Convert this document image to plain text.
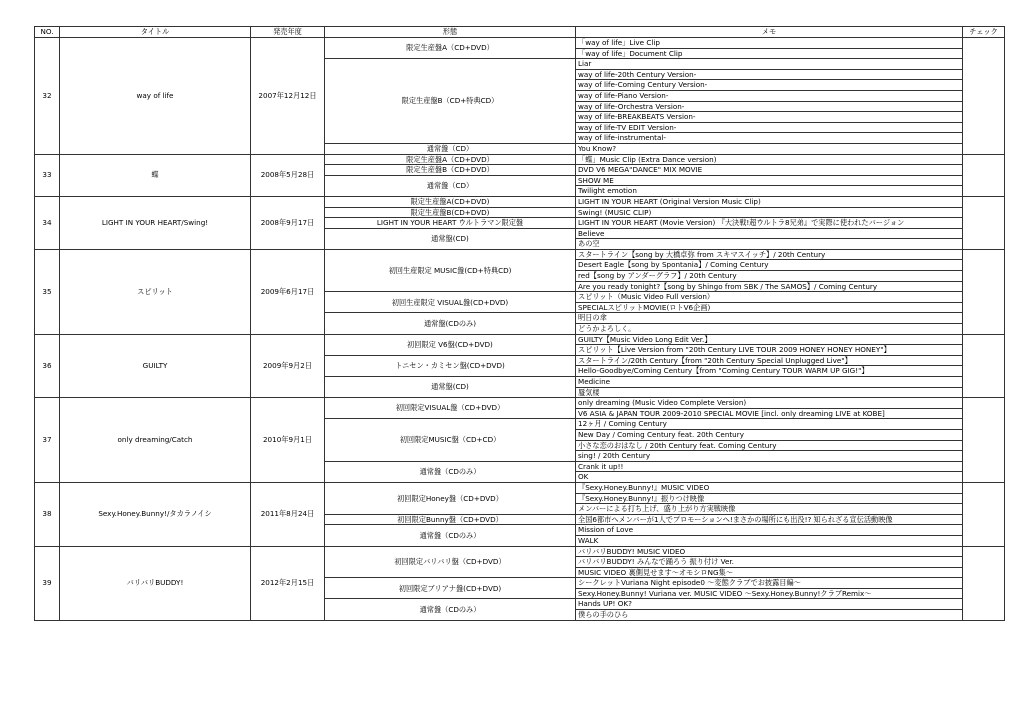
NO.	タイトル	発売年度	形態	メモ	チェック
32	way of life	2007年12月12日	限定生産盤A（CD+DVD）	「way of life」Live Clip	
				「way of life」Document Clip	
			限定生産盤B（CD+特典CD）	Liar	
				way of life-20th Century Version-	
				way of life-Coming Century Version-	
				way of life-Piano Version-	
				way of life-Orchestra Version-	
				way of life-BREAKBEATS Version-	
				way of life-TV EDIT Version-	
				way of life-instrumental-	
			通常盤（CD）	You Know?	
33	蝶	2008年5月28日	限定生産盤A（CD+DVD）	「蝶」Music Clip (Extra Dance version)	
			限定生産盤B（CD+DVD）	DVD V6 MEGA"DANCE" MIX MOVIE	
			通常盤（CD）	SHOW ME	
				Twilight emotion	
34	LIGHT IN YOUR HEART/Swing!	2008年9月17日	限定生産盤A(CD+DVD)	LIGHT IN YOUR HEART (Original Version Music Clip)	
			限定生産盤B(CD+DVD)	Swing! (MUSIC CLIP)	
			LIGHT IN YOUR HEART ウルトラマン限定盤	LIGHT IN YOUR HEART (Movie Version) 『大決戦!超ウルトラ8兄弟』で実際に使われたバージョン	
			通常盤(CD)	Believe	
				あの空	
35	スピリット	2009年6月17日	初回生産限定 MUSIC盤(CD+特典CD)	スタートライン【song by 大橋卓弥 from スキマスイッチ】/ 20th Century	
				Desert Eagle【song by Spontania】/ Coming Century	
				red【song by アンダーグラフ】/ 20th Century	
				Are you ready tonight?【song by Shingo from SBK / The SAMOS】/ Coming Century	
			初回生産限定 VISUAL盤(CD+DVD)	スピリット（Music Video Full version）	
				SPECIALスピリットMOVIE(ロトV6企画)	
			通常盤(CDのみ)	明日の傘	
				どうかよろしく。	
36	GUILTY	2009年9月2日	初回限定 V6盤(CD+DVD)	GUILTY【Music Video Long Edit Ver.】	
				スピリット【Live Version from "20th Century LIVE TOUR 2009 HONEY HONEY HONEY"】	
			トニセン・カミセン盤(CD+DVD)	スタートライン/20th Century【from "20th Century Special Unplugged Live"】	
				Hello-Goodbye/Coming Century【from "Coming Century TOUR WARM UP GIG!"】	
			通常盤(CD)	Medicine	
				蜃気楼	
37	only dreaming/Catch	2010年9月1日	初回限定VISUAL盤（CD+DVD）	only dreaming (Music Video Complete Version)	
				V6 ASIA & JAPAN TOUR 2009-2010 SPECIAL MOVIE [incl. only dreaming LIVE at KOBE]	
			初回限定MUSIC盤（CD+CD）	12ヶ月 / Coming Century	
				New Day / Coming Century feat. 20th Century	
				小さな恋のおはなし / 20th Century feat. Coming Century	
				sing! / 20th Century	
			通常盤（CDのみ）	Crank it up!!	
				OK	
38	Sexy.Honey.Bunny!/タカラノイシ	2011年8月24日	初回限定Honey盤（CD+DVD）	『Sexy.Honey.Bunny!』MUSIC VIDEO	
				『Sexy.Honey.Bunny!』振りつけ映像	
				メンバーによる打ち上げ、盛り上がり方実戦映像	
			初回限定Bunny盤（CD+DVD）	全国6都市へメンバーが1人でプロモーションへ!まさかの場所にも出没!? 知られざる宣伝活動映像	
			通常盤（CDのみ）	Mission of Love	
				WALK	
39	バリバリBUDDY!	2012年2月15日	初回限定バリバリ盤（CD+DVD）	バリバリBUDDY! MUSIC VIDEO	
				バリバリBUDDY! みんなで踊ろう 振り付け Ver.	
				MUSIC VIDEO 裏側見せます～オモシロNG集～	
			初回限定ブリアナ盤(CD+DVD)	シークレットVuriana Night episode0 ～変態クラブでお披露目編～	
				Sexy.Honey.Bunny! Vuriana ver. MUSIC VIDEO ～Sexy.Honey.Bunny!クラブRemix～	
			通常盤（CDのみ）	Hands UP! OK?	
				僕らの手のひら	
